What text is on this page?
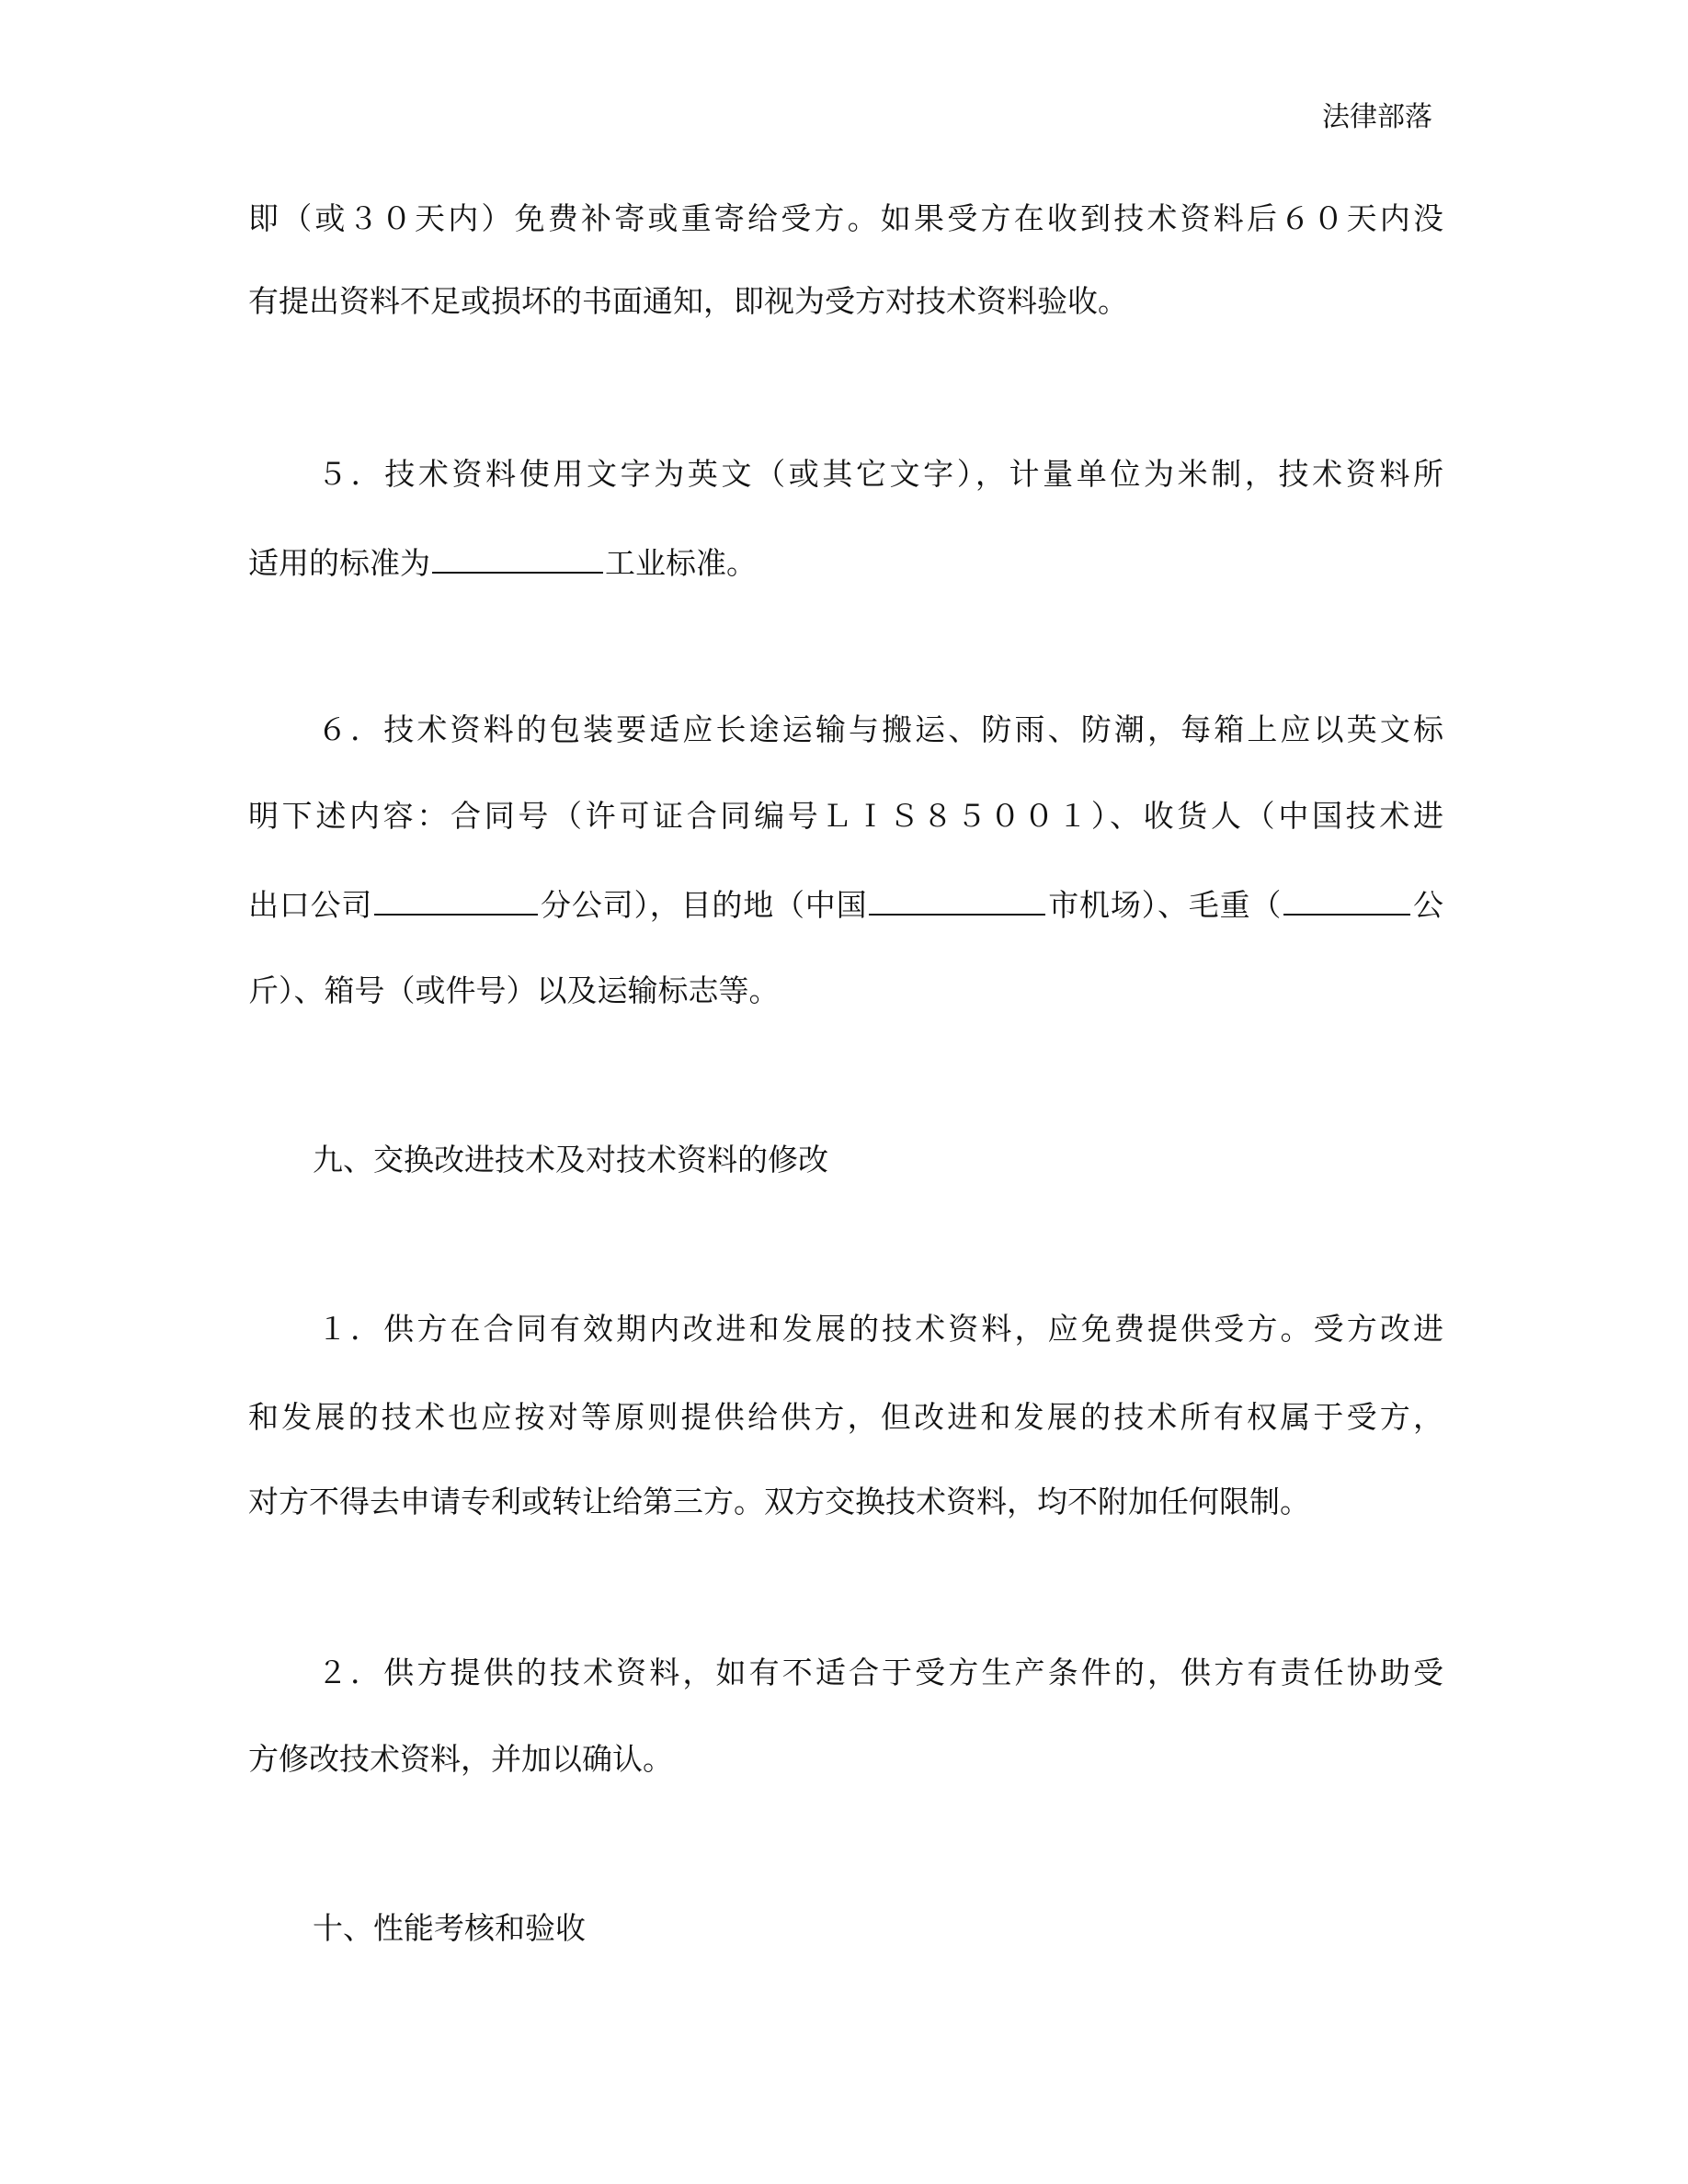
法律部落
即（或３０天内）免费补寄或重寄给受方。如果受方在收到技术资料后６０天内没
有提出资料不足或损坏的书面通知，即视为受方对技术资料验收。
５．技术资料使用文字为英文（或其它文字），计量单位为米制，技术资料所
适用的标准为	工业标准。
６．技术资料的包装要适应长途运输与搬运、防雨、防潮，每箱上应以英文标
明下述内容：合同号（许可证合同编号ＬＩＳ８５００１）、收货人（中国技术进
出口公司	分公司），目的地（中国	市机场）、毛重（	公
斤）、箱号（或件号）以及运输标志等。
九、交换改进技术及对技术资料的修改
１．供方在合同有效期内改进和发展的技术资料，应免费提供受方。受方改进
和发展的技术也应按对等原则提供给供方，但改进和发展的技术所有权属于受方，
对方不得去申请专利或转让给第三方。双方交换技术资料，均不附加任何限制。
２．供方提供的技术资料，如有不适合于受方生产条件的，供方有责任协助受
方修改技术资料，并加以确认。
十、性能考核和验收
